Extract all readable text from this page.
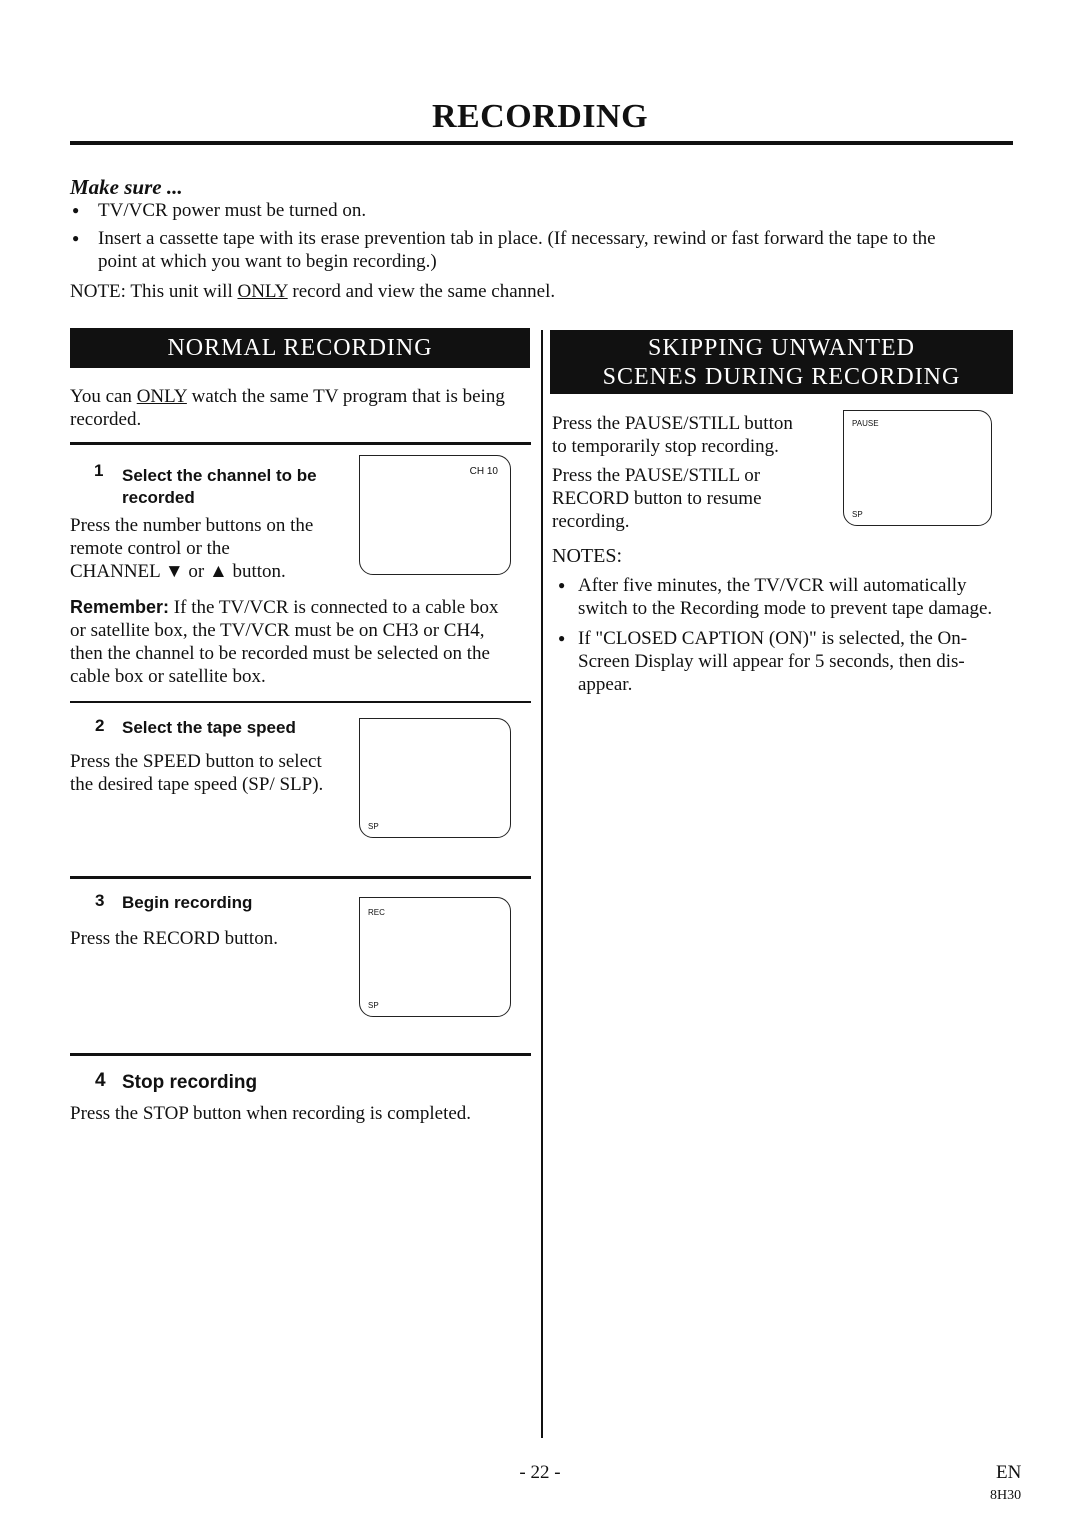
RECORDING
Make sure ...
● TV/VCR power must be turned on.
● Insert a cassette tape with its erase prevention tab in place. (If necessary, rewind or fast forward the tape to the
point at which you want to begin recording.)
NOTE: This unit will ONLY record and view the same channel.
NORMAL RECORDING
You can ONLY watch the same TV program that is being
recorded.
1 Select the channel to be
recorded
Press the number buttons on the
remote control or the
CHANNEL ▼ or ▲ button.
CH 10
Remember: If the TV/VCR is connected to a cable box
or satellite box, the TV/VCR must be on CH3 or CH4,
then the channel to be recorded must be selected on the
cable box or satellite box.
2 Select the tape speed
Press the SPEED button to select
the desired tape speed (SP/ SLP).
SP
3 Begin recording
Press the RECORD button.
REC
SP
4 Stop recording
Press the STOP button when recording is completed.
SKIPPING UNWANTED
SCENES DURING RECORDING
Press the PAUSE/STILL button
to temporarily stop recording.
Press the PAUSE/STILL or
RECORD button to resume
recording.
PAUSE
SP
NOTES:
● After five minutes, the TV/VCR will automatically
switch to the Recording mode to prevent tape damage.
● If "CLOSED CAPTION (ON)" is selected, the On-
Screen Display will appear for 5 seconds, then dis-
appear.
- 22 -	EN
8H30
